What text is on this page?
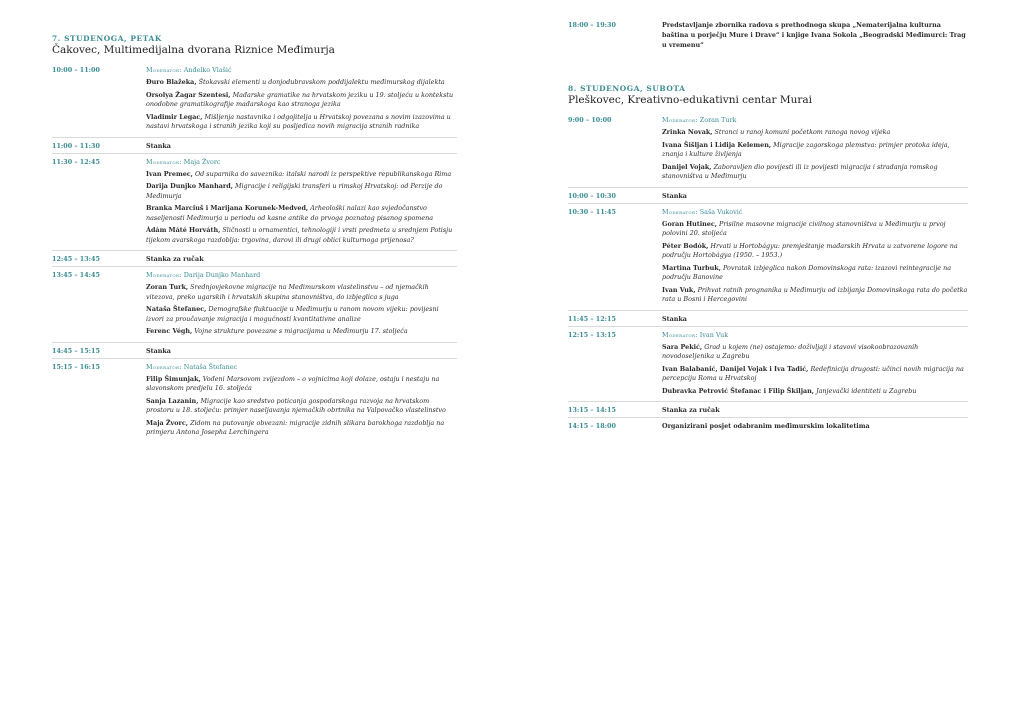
7. STUDENOGA, PETAK
Čakovec, Multimedijalna dvorana Riznice Međimurja
10:00 – 11:00	Moderator: Anđelko Vlašić
Đuro Blažeka, Štokavski elementi u donjodubravskom poddijalektu međimurskog dijalekta
Orsolya Žagar Szentesi, Mađarske gramatike na hrvatskom jeziku u 19. stoljeću u kontekstu onodobne gramatikografije mađarskoga kao stranoga jezika
Vladimir Legac, Mišljenja nastavnika i odgojitelja u Hrvatskoj povezana s novim izazovima u nastavi hrvatskoga i stranih jezika koji su posljedica novih migracija stranih radnika
11:00 – 11:30	Stanka
11:30 – 12:45	Moderator: Maja Žvorc
Ivan Premec, Od suparnika do saveznika: italski narodi iz perspektive republikanskoga Rima
Darija Dunjko Manhard, Migracije i religijski transferi u rimskoj Hrvatskoj: od Perzije do Međimurja
Branka Marciuš i Marijana Korunek-Medved, Arheološki nalazi kao svjedočanstvo naseljenosti Međimurja u periodu od kasne antike do prvoga poznatog pisanog spomena
Ádám Máté Horváth, Sličnosti u ornamentici, tehnologiji i vrsti predmeta u srednjem Potisju tijekom avarskoga razdoblja: trgovina, darovi ili drugi oblici kulturnoga prijenosa?
12:45 – 13:45	Stanka za ručak
13:45 – 14:45	Moderator: Darija Dunjko Manhard
Zoran Turk, Srednjovjekovne migracije na Međimurskom vlastelinstvu – od njemačkih vitezova, preko ugarskih i hrvatskih skupina stanovništva, do izbjeglica s juga
Nataša Štefanec, Demografske fluktuacije u Međimurju u ranom novom vijeku: povijesni izvori za proučavanje migracija i mogućnosti kvantitativne analize
Ferenc Végh, Vojne strukture povezane s migracijama u Međimurju 17. stoljeća
14:45 – 15:15	Stanka
15:15 – 16:15	Moderator: Nataša Štefanec
Filip Šimunjak, Vođeni Marsovom zvijezdom – o vojnicima koji dolaze, ostaju i nestaju na slavonskom predjelu 16. stoljeća
Sanja Lazanin, Migracije kao sredstvo poticanja gospodarskoga razvoja na hrvatskom prostoru u 18. stoljeću: primjer naseljavanja njemačkih obrtnika na Valpovačko vlastelinstvo
Maja Žvorc, Zidom na putovanje obvezani: migracije zidnih slikara barokhoga razdoblja na primjeru Antona Josepha Lerchingera
18:00 – 19:30	Predstavljanje zbornika radova s prethodnoga skupa „Nematerijalna kulturna baština u porječju Mure i Drave“ i knjige Ivana Sokola „Beogradski Međimurci: Trag u vremenu“
8. STUDENOGA, SUBOTA
Pleškovec, Kreativno-edukativni centar Murai
9:00 – 10:00	Moderator: Zoran Turk
Zrinka Novak, Stranci u ranoj komuni početkom ranoga novog vijeka
Ivana Šišljan i Lidija Kelemen, Migracije zagorskoga plemstva: primjer protoka ideja, znanja i kulture življenja
Danijel Vojak, Zaboravljen dio povijesti ili iz povijesti migracija i stradanja romskog stanovništva u Međimurju
10:00 – 10:30	Stanka
10:30 – 11:45	Moderator: Saša Vuković
Goran Hutinec, Prisilne masovne migracije civilnog stanovništva u Međimurju u prvoj polovini 20. stoljeća
Péter Bodók, Hrvati u Hortobágyu: premještanje mađarskih Hrvata u zatvorene logore na području Hortobágya (1950. – 1953.)
Martina Turbuk, Povratak izbjeglica nakon Domovinskoga rata: izazovi reintegracije na području Banovine
Ivan Vuk, Prihvat ratnih prognanika u Međimurju od izbijanja Domovinskoga rata do početka rata u Bosni i Hercegovini
11:45 – 12:15	Stanka
12:15 – 13:15	Moderator: Ivan Vuk
Sara Pekić, Grad u kojem (ne) ostajemo: doživljaji i stavovi visokoobrazovanih novodoseljenika u Zagrebu
Ivan Balabanić, Danijel Vojak i Iva Tadić, Redefinicija drugosti: učinci novih migracija na percepciju Roma u Hrvatskoj
Dubravka Petrović Štefanac i Filip Škiljan, Janjevački identiteti u Zagrebu
13:15 – 14:15	Stanka za ručak
14:15 – 18:00	Organizirani posjet odabranim međimurskim lokalitetima
